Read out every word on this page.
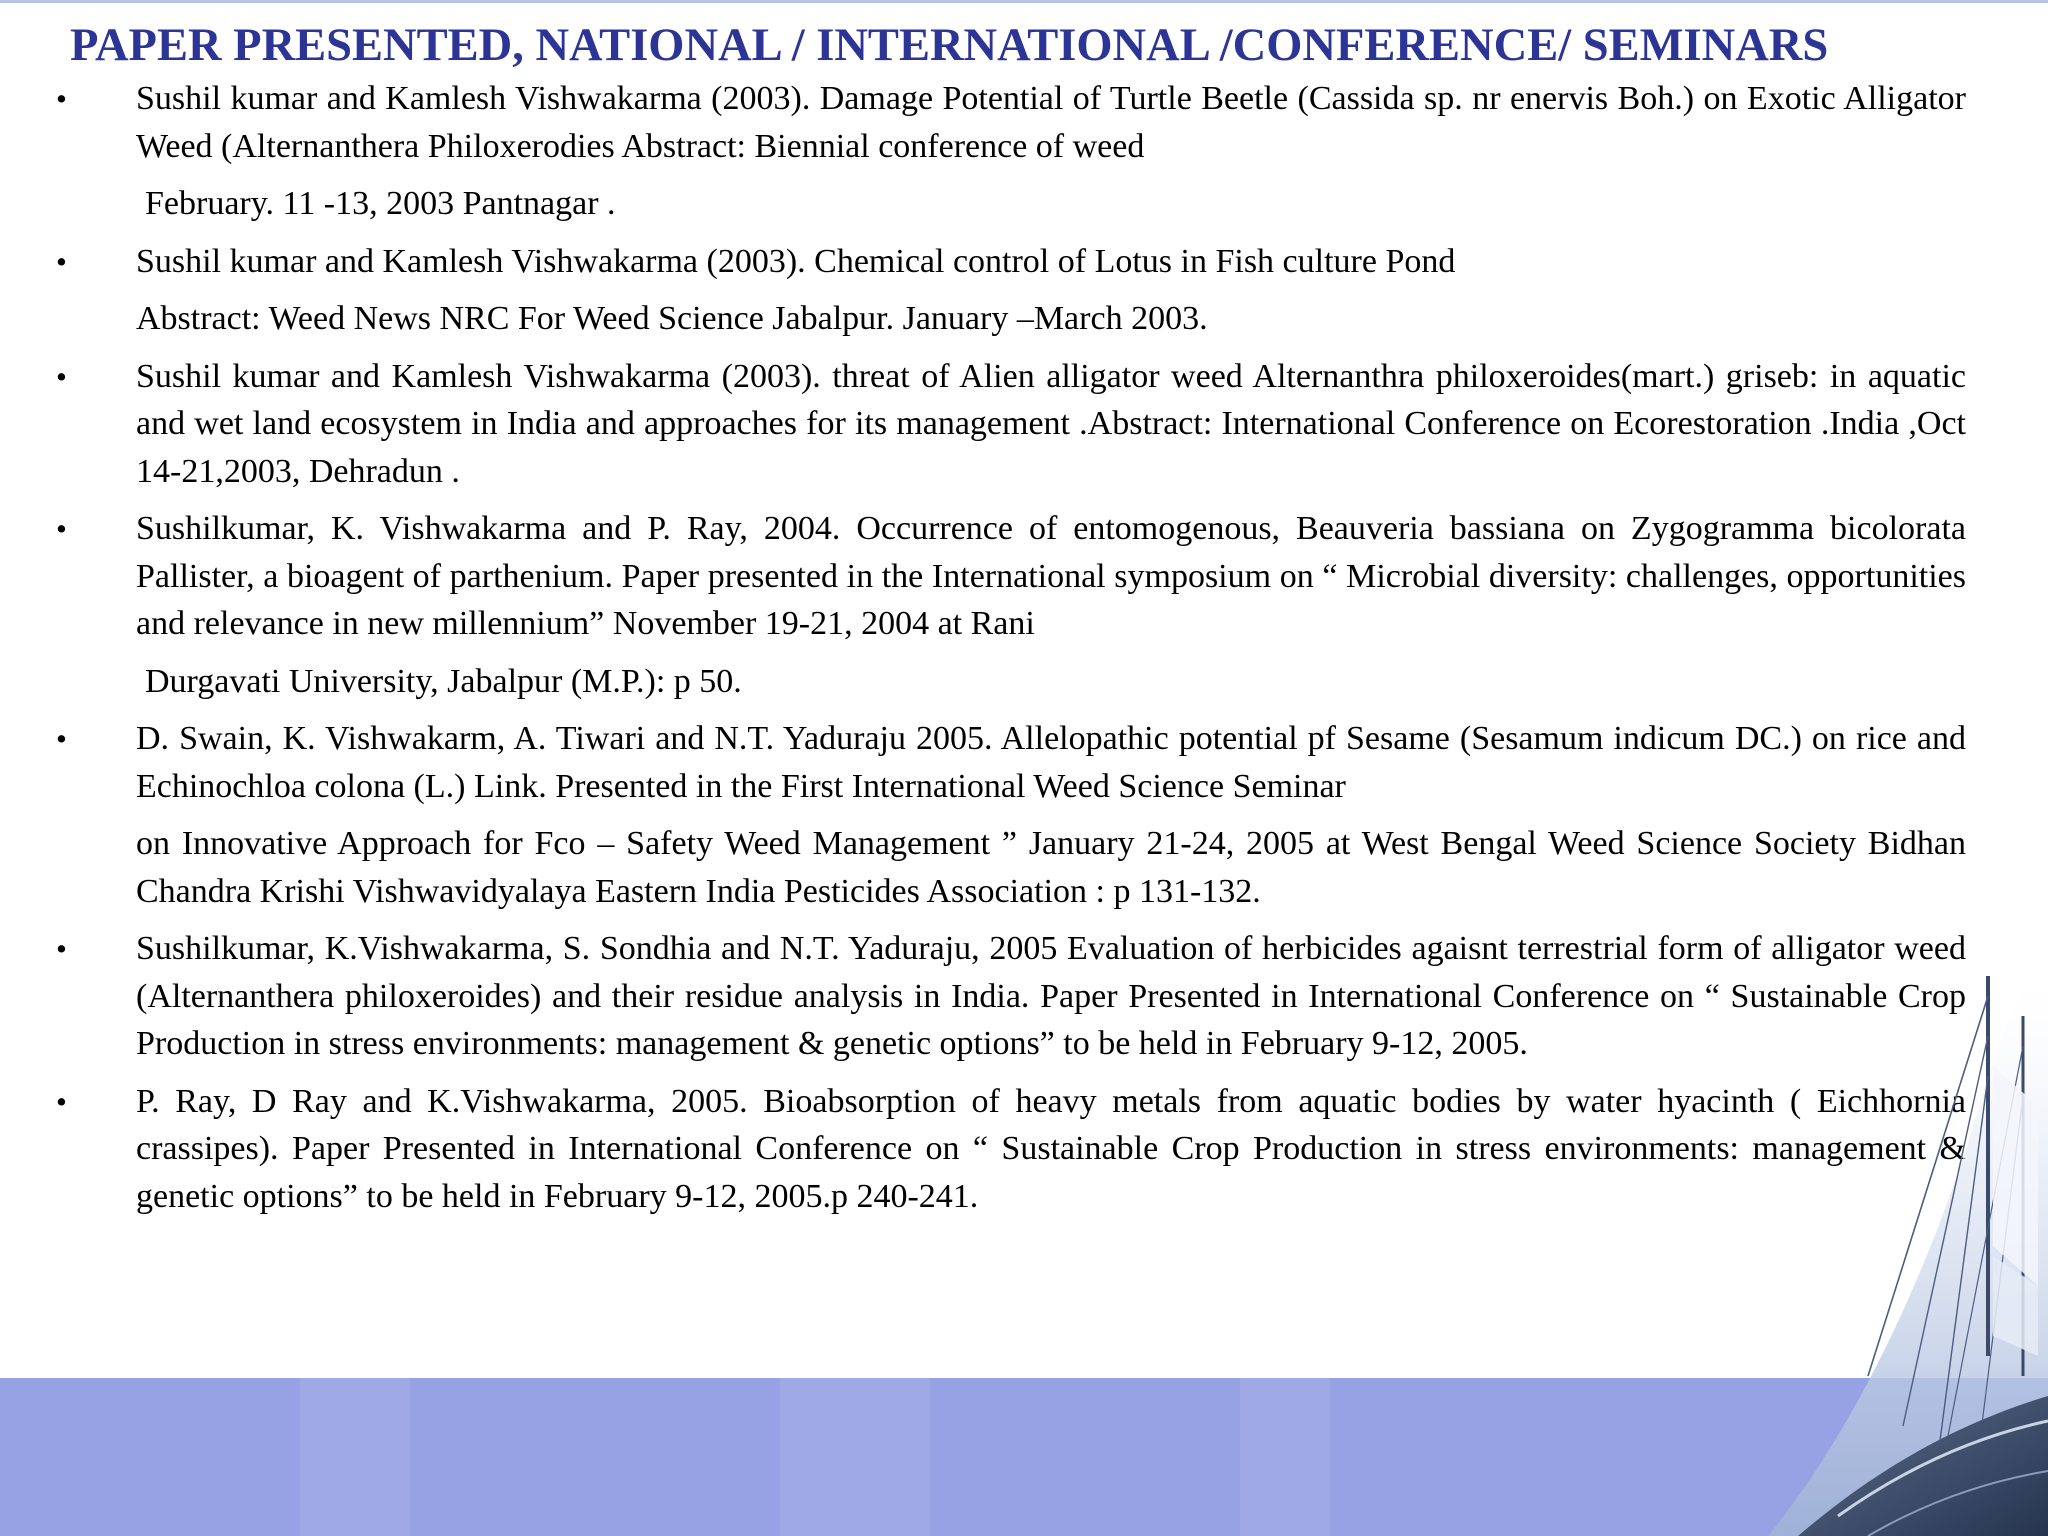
PAPER PRESENTED, NATIONAL / INTERNATIONAL /CONFERENCE/ SEMINARS
• Sushil kumar and Kamlesh Vishwakarma (2003). Damage Potential of Turtle Beetle (Cassida sp. nr enervis Boh.) on Exotic Alligator Weed (Alternanthera Philoxerodies Abstract: Biennial conference of weed

February. 11 -13, 2003 Pantnagar .

• Sushil kumar and Kamlesh Vishwakarma (2003). Chemical control of Lotus in Fish culture Pond

Abstract: Weed News NRC For Weed Science Jabalpur. January –March 2003.

• Sushil kumar and Kamlesh Vishwakarma (2003). threat of Alien alligator weed Alternanthra philoxeroides(mart.) griseb: in aquatic and wet land ecosystem in India and approaches for its management .Abstract: International Conference on Ecorestoration .India ,Oct 14-21,2003, Dehradun .

• Sushilkumar, K. Vishwakarma and P. Ray, 2004. Occurrence of entomogenous, Beauveria bassiana on Zygogramma bicolorata Pallister, a bioagent of parthenium. Paper presented in the International symposium on “ Microbial diversity: challenges, opportunities and relevance in new millennium” November 19-21, 2004 at Rani

Durgavati University, Jabalpur (M.P.): p 50.

• D. Swain, K. Vishwakarm, A. Tiwari and N.T. Yaduraju 2005. Allelopathic potential pf Sesame (Sesamum indicum DC.) on rice and Echinochloa colona (L.) Link. Presented in the First International Weed Science Seminar

on Innovative Approach for Fco – Safety Weed Management ” January 21-24, 2005 at West Bengal Weed Science Society Bidhan Chandra Krishi Vishwavidyalaya Eastern India Pesticides Association : p 131-132.

• Sushilkumar, K.Vishwakarma, S. Sondhia and N.T. Yaduraju, 2005 Evaluation of herbicides agaisnt terrestrial form of alligator weed (Alternanthera philoxeroides) and their residue analysis in India. Paper Presented in International Conference on “ Sustainable Crop Production in stress environments: management & genetic options” to be held in February 9-12, 2005.

• P. Ray, D Ray and K.Vishwakarma, 2005. Bioabsorption of heavy metals from aquatic bodies by water hyacinth ( Eichhornia crassipes). Paper Presented in International Conference on “ Sustainable Crop Production in stress environments: management & genetic options” to be held in February 9-12, 2005.p 240-241.
